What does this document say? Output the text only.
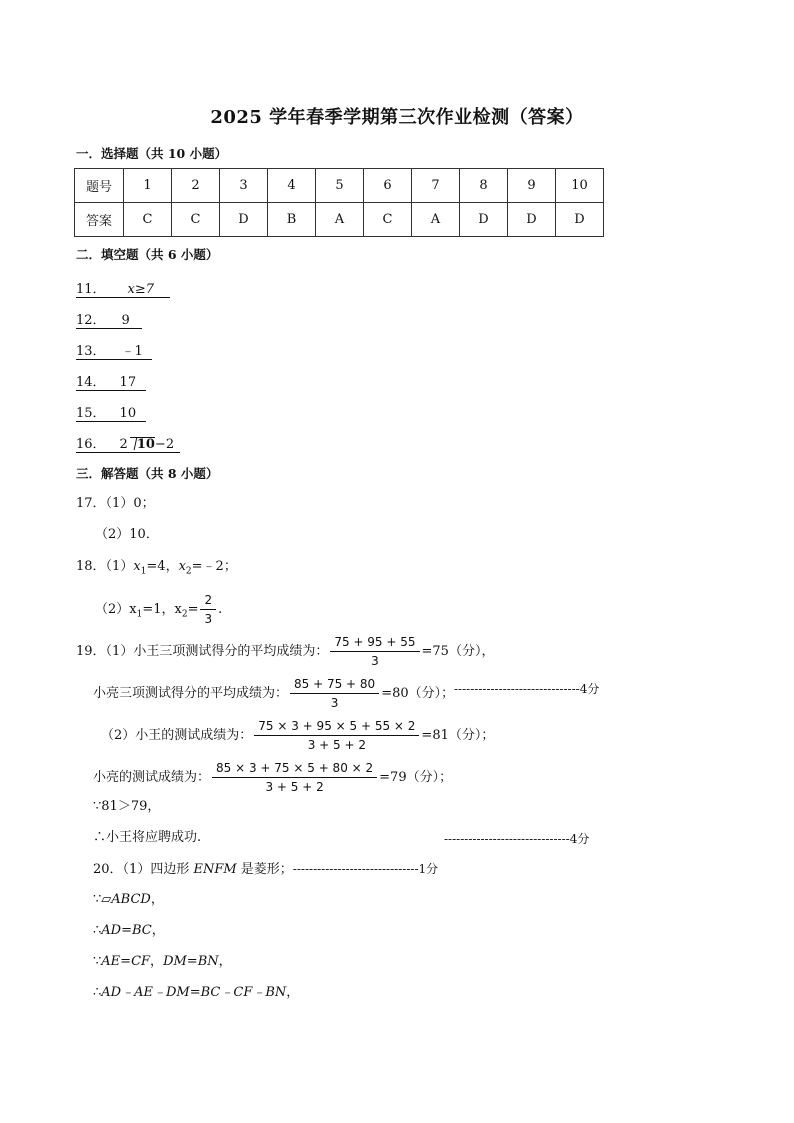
2025 学年春季学期第三次作业检测（答案）
一．选择题（共 10 小题）
题号	1	2	3	4	5	6	7	8	9	10
答案	C	C	D	B	A	C	A	D	D	D
二．填空题（共 6 小题）
11． x≥7
12． 9
13． ﹣1
14． 17
15． 10
16． 2 10−2
三．解答题（共 8 小题）
17．（1）0；
（2）10．
18．$(1)x_1=4$，$x_2=﹣2$；
$(2)x_1=1$，$x_2= \frac{2}{3}$ .
19．（1）小王三项测试得分的平均成绩为： $\frac{75 + 95 + 55}{3} =75$（分），
小亮三项测试得分的平均成绩为： $\frac{85 + 75 + 80}{3} =80$（分）； -------------------------------4分
（2）小王的测试成绩为： $\frac{75 \times 3 + 95 \times 5 + 55 \times 2}{3 + 5 + 2} =81$（分）；
小亮的测试成绩为： $\frac{85 \times 3 + 75 \times 5 + 80 \times 2}{3 + 5 + 2} =79$（分）；
∵81＞79，
∴小王将应聘成功.	-------------------------------4分
20．（1）四边形 ENFM 是菱形；-------------------------------1分
∵▱ABCD，
∴AD=BC，
∵AE=CF，DM=BN，
∴AD﹣AE﹣DM=BC﹣CF﹣BN，
